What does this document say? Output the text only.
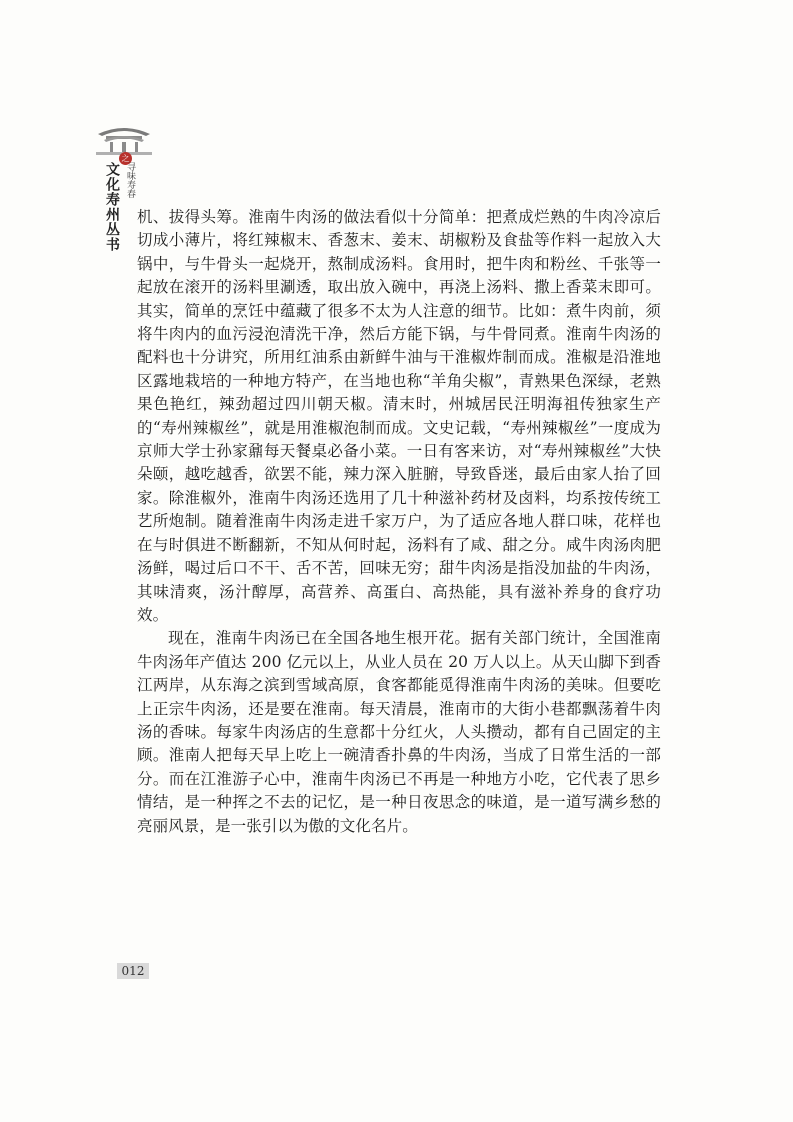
之
文化寿州丛书 寻味寿春

机、拔得头筹。淮南牛肉汤的做法看似十分简单：把煮成烂熟的牛肉冷凉后切成小薄片，将红辣椒末、香葱末、姜末、胡椒粉及食盐等作料一起放入大锅中，与牛骨头一起烧开，熬制成汤料。食用时，把牛肉和粉丝、千张等一起放在滚开的汤料里涮透，取出放入碗中，再浇上汤料、撒上香菜末即可。其实，简单的烹饪中蕴藏了很多不太为人注意的细节。比如：煮牛肉前，须将牛肉内的血污浸泡清洗干净，然后方能下锅，与牛骨同煮。淮南牛肉汤的配料也十分讲究，所用红油系由新鲜牛油与干淮椒炸制而成。淮椒是沿淮地区露地栽培的一种地方特产，在当地也称“羊角尖椒”，青熟果色深绿，老熟果色艳红，辣劲超过四川朝天椒。清末时，州城居民汪明海祖传独家生产的“寿州辣椒丝”，就是用淮椒泡制而成。文史记载，“寿州辣椒丝”一度成为京师大学士孙家鼐每天餐桌必备小菜。一日有客来访，对“寿州辣椒丝”大快朵颐，越吃越香，欲罢不能，辣力深入脏腑，导致昏迷，最后由家人抬了回家。除淮椒外，淮南牛肉汤还选用了几十种滋补药材及卤料，均系按传统工艺所炮制。随着淮南牛肉汤走进千家万户，为了适应各地人群口味，花样也在与时俱进不断翻新，不知从何时起，汤料有了咸、甜之分。咸牛肉汤肉肥汤鲜，喝过后口不干、舌不苦，回味无穷；甜牛肉汤是指没加盐的牛肉汤，其味清爽，汤汁醇厚，高营养、高蛋白、高热能，具有滋补养身的食疗功效。

现在，淮南牛肉汤已在全国各地生根开花。据有关部门统计，全国淮南牛肉汤年产值达 200 亿元以上，从业人员在 20 万人以上。从天山脚下到香江两岸，从东海之滨到雪域高原，食客都能觅得淮南牛肉汤的美味。但要吃上正宗牛肉汤，还是要在淮南。每天清晨，淮南市的大街小巷都飘荡着牛肉汤的香味。每家牛肉汤店的生意都十分红火，人头攒动，都有自己固定的主顾。淮南人把每天早上吃上一碗清香扑鼻的牛肉汤，当成了日常生活的一部分。而在江淮游子心中，淮南牛肉汤已不再是一种地方小吃，它代表了思乡情结，是一种挥之不去的记忆，是一种日夜思念的味道，是一道写满乡愁的亮丽风景，是一张引以为傲的文化名片。

012
